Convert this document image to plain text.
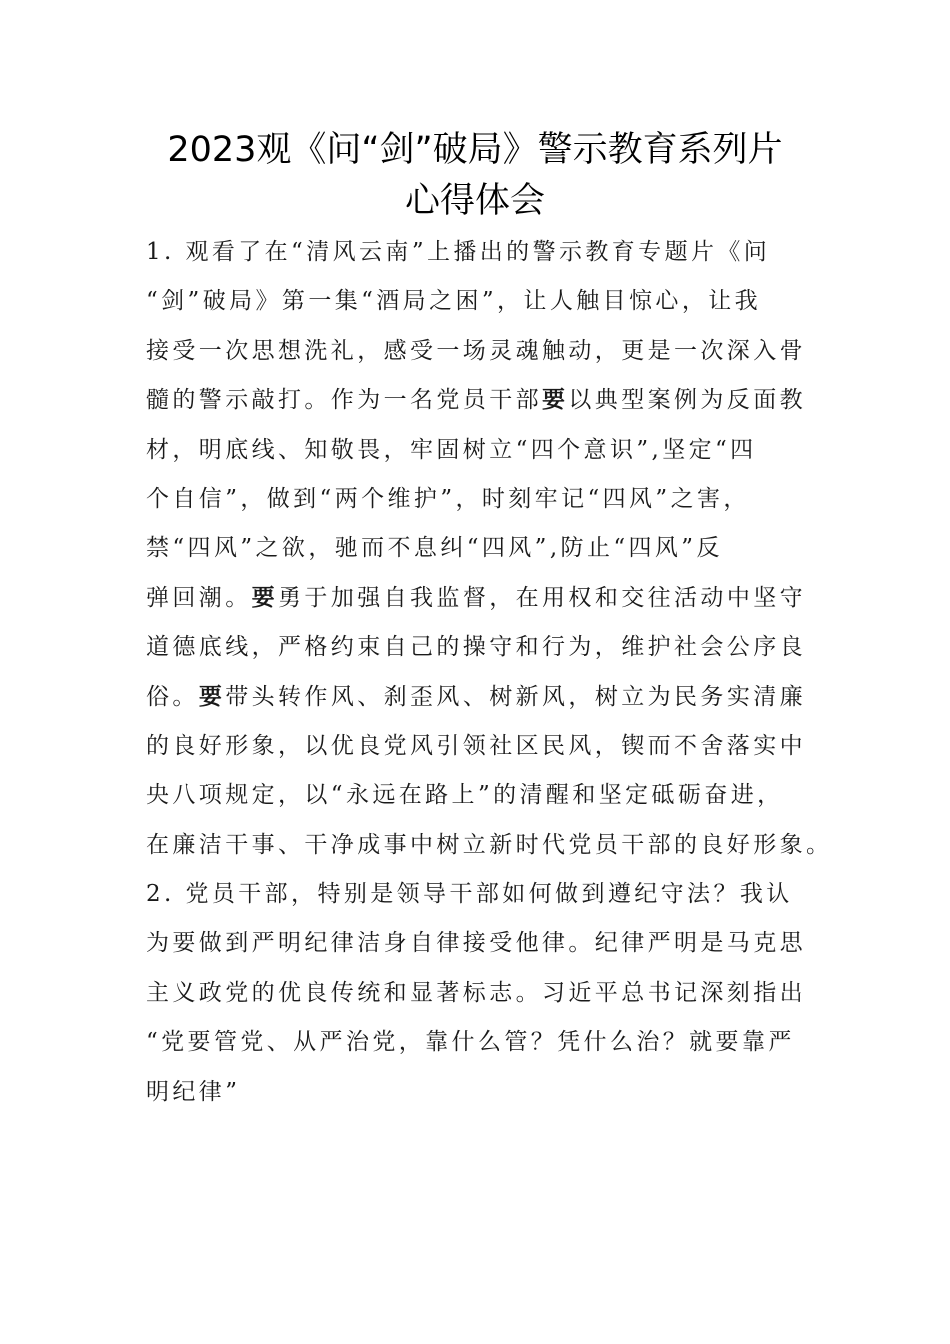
2023观《问“剑”破局》警示教育系列片
心得体会
1. 观看了在“清风云南”上播出的警示教育专题片《问
“剑”破局》第一集“酒局之困”，让人触目惊心，让我
接受一次思想洗礼，感受一场灵魂触动，更是一次深入骨
髓的警示敲打。作为一名党员干部要以典型案例为反面教
材，明底线、知敬畏，牢固树立“四个意识”,坚定“四
个自信”，做到“两个维护”，时刻牢记“四风”之害，
禁“四风”之欲，驰而不息纠“四风”,防止“四风”反
弹回潮。要勇于加强自我监督，在用权和交往活动中坚守
道德底线，严格约束自己的操守和行为，维护社会公序良
俗。要带头转作风、刹歪风、树新风，树立为民务实清廉
的良好形象，以优良党风引领社区民风，锲而不舍落实中
央八项规定，以“永远在路上”的清醒和坚定砥砺奋进，
在廉洁干事、干净成事中树立新时代党员干部的良好形象。
2. 党员干部，特别是领导干部如何做到遵纪守法？我认
为要做到严明纪律洁身自律接受他律。纪律严明是马克思
主义政党的优良传统和显著标志。习近平总书记深刻指出
“党要管党、从严治党，靠什么管？凭什么治？就要靠严
明纪律”
